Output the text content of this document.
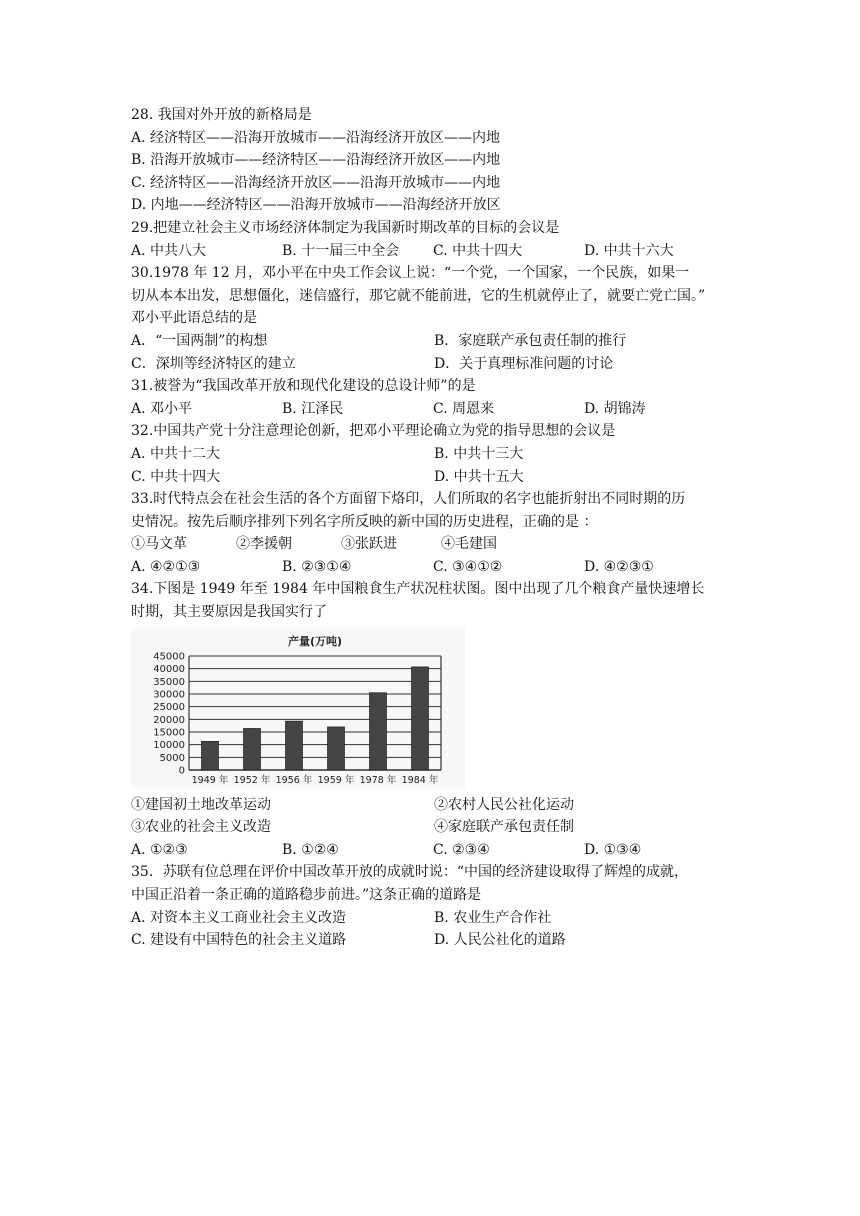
28. 我国对外开放的新格局是
A. 经济特区——沿海开放城市——沿海经济开放区——内地
B. 沿海开放城市——经济特区——沿海经济开放区——内地
C. 经济特区——沿海经济开放区——沿海开放城市——内地
D. 内地——经济特区——沿海开放城市——沿海经济开放区
29.把建立社会主义市场经济体制定为我国新时期改革的目标的会议是
A. 中共八大	B. 十一届三中全会	C. 中共十四大	D. 中共十六大
30.1978 年 12 月，邓小平在中央工作会议上说：“一个党，一个国家，一个民族，如果一
切从本本出发，思想僵化，迷信盛行，那它就不能前进，它的生机就停止了，就要亡党亡国。”
邓小平此语总结的是
A．“一国两制”的构想	B．家庭联产承包责任制的推行
C．深圳等经济特区的建立	D．关于真理标准问题的讨论
31.被誉为“我国改革开放和现代化建设的总设计师”的是
A. 邓小平	B. 江泽民	C. 周恩来	D. 胡锦涛
32.中国共产党十分注意理论创新，把邓小平理论确立为党的指导思想的会议是
A. 中共十二大	B. 中共十三大
C. 中共十四大	D. 中共十五大
33.时代特点会在社会生活的各个方面留下烙印，人们所取的名字也能折射出不同时期的历
史情况。按先后顺序排列下列名字所反映的新中国的历史进程，正确的是 ：
①马文革	②李援朝	③张跃进	④毛建国
A. ④②①③	B. ②③①④	C. ③④①②	D. ④②③①
34.下图是 1949 年至 1984 年中国粮食生产状况柱状图。图中出现了几个粮食产量快速增长
时期，其主要原因是我国实行了
产量(万吨)
45000
40000
35000
30000
25000
20000
15000
10000
5000
0
1949 年 1952 年 1956 年 1959 年 1978 年 1984 年
①建国初土地改革运动	②农村人民公社化运动
③农业的社会主义改造	④家庭联产承包责任制
A. ①②③	B. ①②④	C. ②③④	D. ①③④
35．苏联有位总理在评价中国改革开放的成就时说：“中国的经济建设取得了辉煌的成就，
中国正沿着一条正确的道路稳步前进。”这条正确的道路是
A. 对资本主义工商业社会主义改造	B. 农业生产合作社
C. 建设有中国特色的社会主义道路	D. 人民公社化的道路
